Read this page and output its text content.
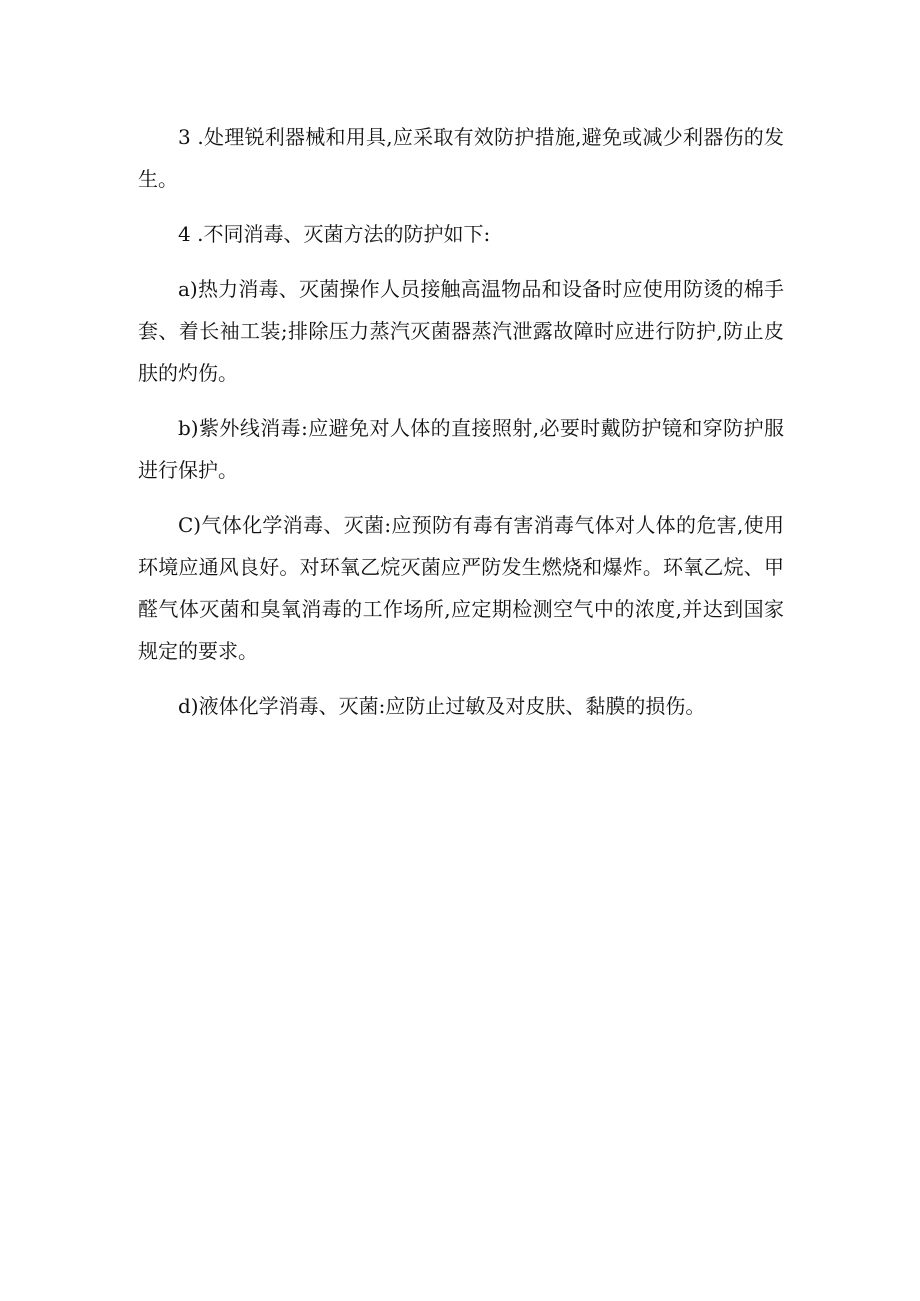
3 .处理锐利器械和用具,应采取有效防护措施,避免或减少利器伤的发生。

4 .不同消毒、灭菌方法的防护如下:

a)热力消毒、灭菌操作人员接触高温物品和设备时应使用防烫的棉手套、着长袖工装;排除压力蒸汽灭菌器蒸汽泄露故障时应进行防护,防止皮肤的灼伤。

b)紫外线消毒:应避免对人体的直接照射,必要时戴防护镜和穿防护服进行保护。

C)气体化学消毒、灭菌:应预防有毒有害消毒气体对人体的危害,使用环境应通风良好。对环氧乙烷灭菌应严防发生燃烧和爆炸。环氧乙烷、甲醛气体灭菌和臭氧消毒的工作场所,应定期检测空气中的浓度,并达到国家规定的要求。

d)液体化学消毒、灭菌:应防止过敏及对皮肤、黏膜的损伤。
